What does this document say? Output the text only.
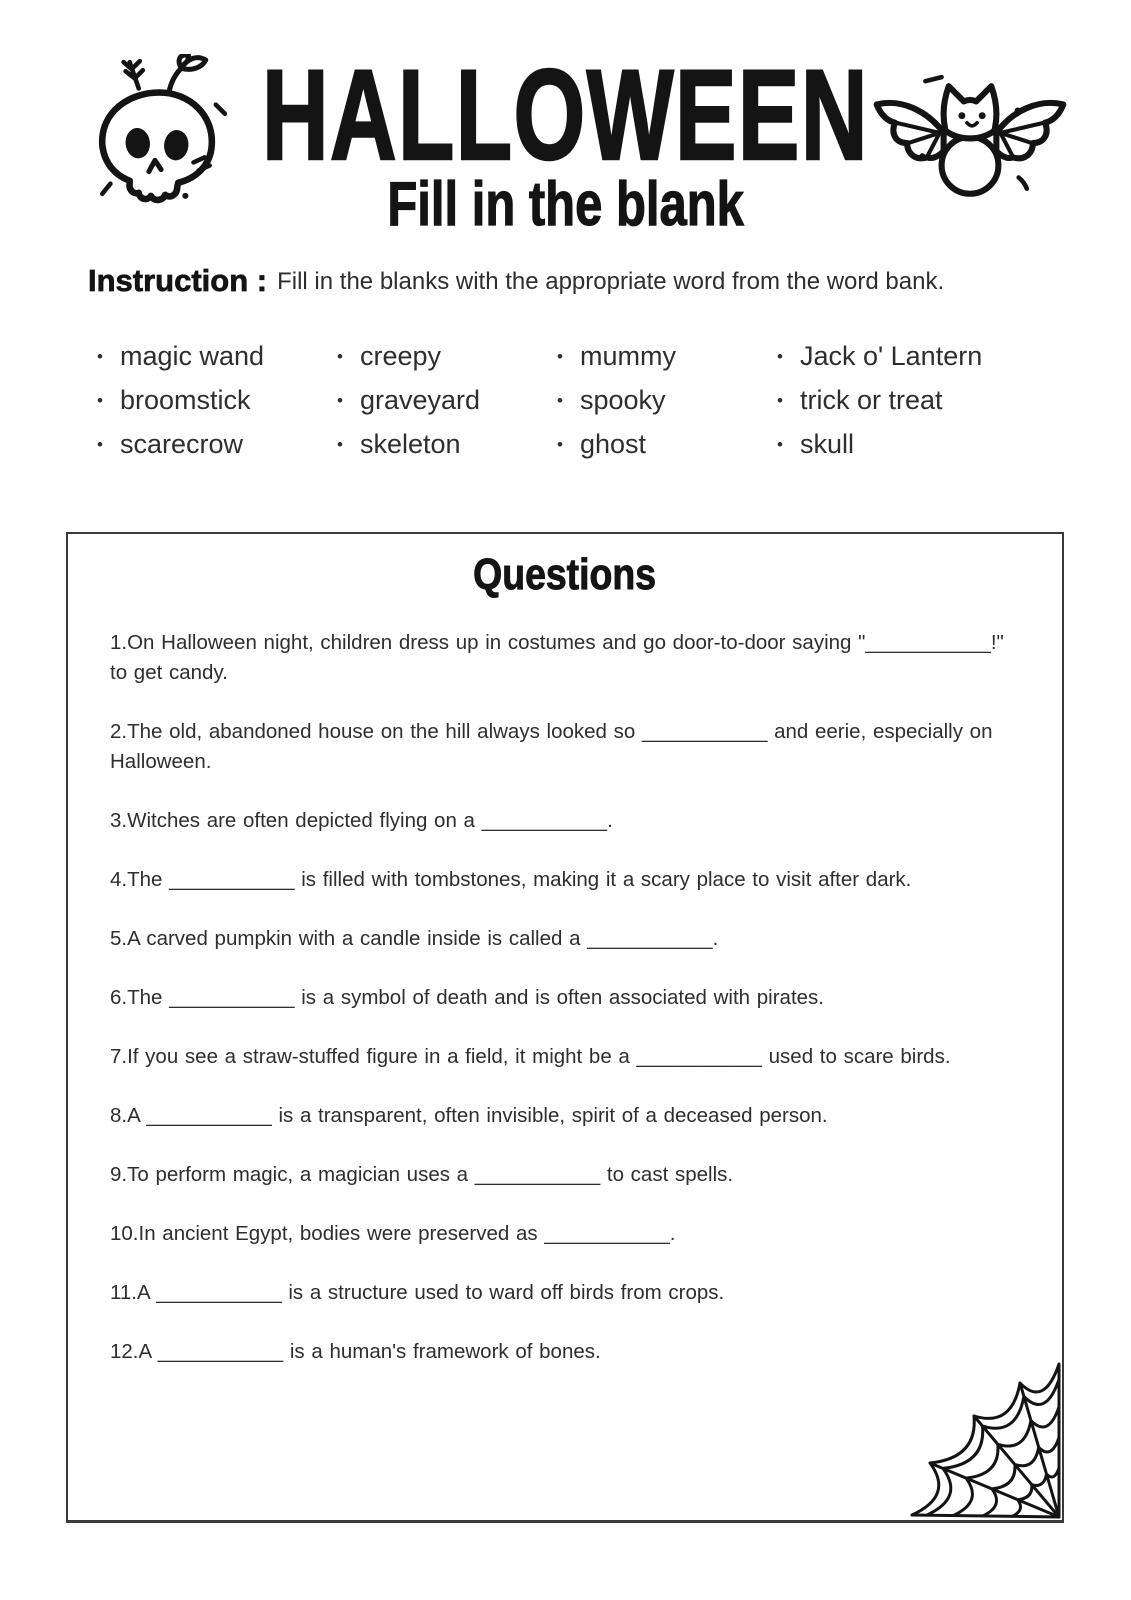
HALLOWEEN
Fill in the blank
Instruction : Fill in the blanks with the appropriate word from the word bank.
• magic wand
• broomstick
• scarecrow
• creepy
• graveyard
• skeleton
• mummy
• spooky
• ghost
• Jack o' Lantern
• trick or treat
• skull
Questions

1.On Halloween night, children dress up in costumes and go door-to-door saying "___________!" to get candy.

2.The old, abandoned house on the hill always looked so ___________ and eerie, especially on Halloween.

3.Witches are often depicted flying on a ___________.

4.The ___________ is filled with tombstones, making it a scary place to visit after dark.

5.A carved pumpkin with a candle inside is called a ___________.

6.The ___________ is a symbol of death and is often associated with pirates.

7.If you see a straw-stuffed figure in a field, it might be a ___________ used to scare birds.

8.A ___________ is a transparent, often invisible, spirit of a deceased person.

9.To perform magic, a magician uses a ___________ to cast spells.

10.In ancient Egypt, bodies were preserved as ___________.

11.A ___________ is a structure used to ward off birds from crops.

12.A ___________ is a human's framework of bones.
